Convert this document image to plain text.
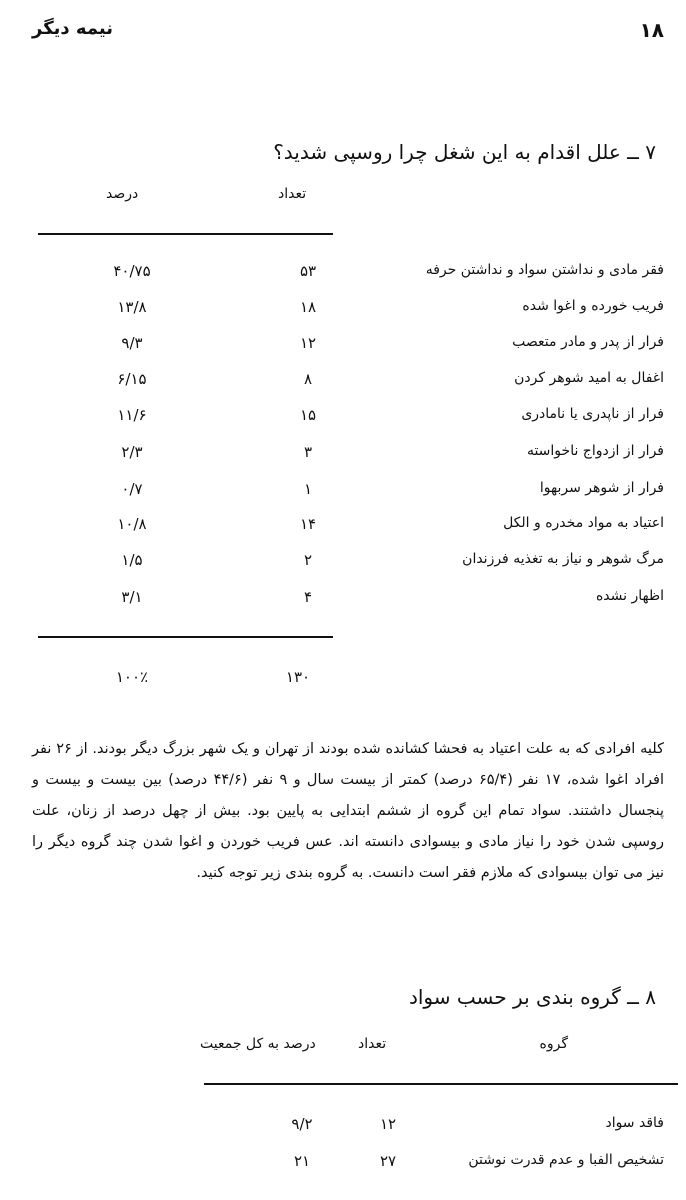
۱۸
نیمه دیگر
۷ ــ علل اقدام به این شغل چرا روسپی شدید؟
تعداد
درصد
فقر مادی و نداشتن سواد و نداشتن حرفه
۵۳
۴۰/۷۵
فریب خورده و اغوا شده
۱۸
۱۳/۸
فرار از پدر و مادر متعصب
۱۲
۹/۳
اغفال به امید شوهر کردن
۸
۶/۱۵
فرار از ناپدری یا نامادری
۱۵
۱۱/۶
فرار از ازدواج ناخواسته
۳
۲/۳
فرار از شوهر سربهوا
۱
۰/۷
اعتیاد به مواد مخدره و الکل
۱۴
۱۰/۸
مرگ شوهر و نیاز به تغذیه فرزندان
۲
۱/۵
اظهار نشده
۴
۳/۱
۱۳۰
۱۰۰٪
کلیه افرادی که به علت اعتیاد به فحشا کشانده شده بودند از تهران و یک شهر بزرگ دیگر بودند. از ۲۶ نفر افراد اغوا شده، ۱۷ نفر (۶۵/۴ درصد) کمتر از بیست سال و ۹ نفر (۴۴/۶ درصد) بین بیست و بیست و پنجسال داشتند. سواد تمام این گروه از ششم ابتدایی به پایین بود. بیش از چهل درصد از زنان، علت روسپی شدن خود را نیاز مادی و بیسوادی دانسته اند. عس فریب خوردن و اغوا شدن چند گروه دیگر را نیز می توان بیسوادی که ملازم فقر است دانست. به گروه بندی زیر توجه کنید.
۸ ــ گروه بندی بر حسب سواد
گروه
تعداد
درصد به کل جمعیت
فاقد سواد
۱۲
۹/۲
تشخیص الفبا و عدم قدرت نوشتن
۲۷
۲۱
